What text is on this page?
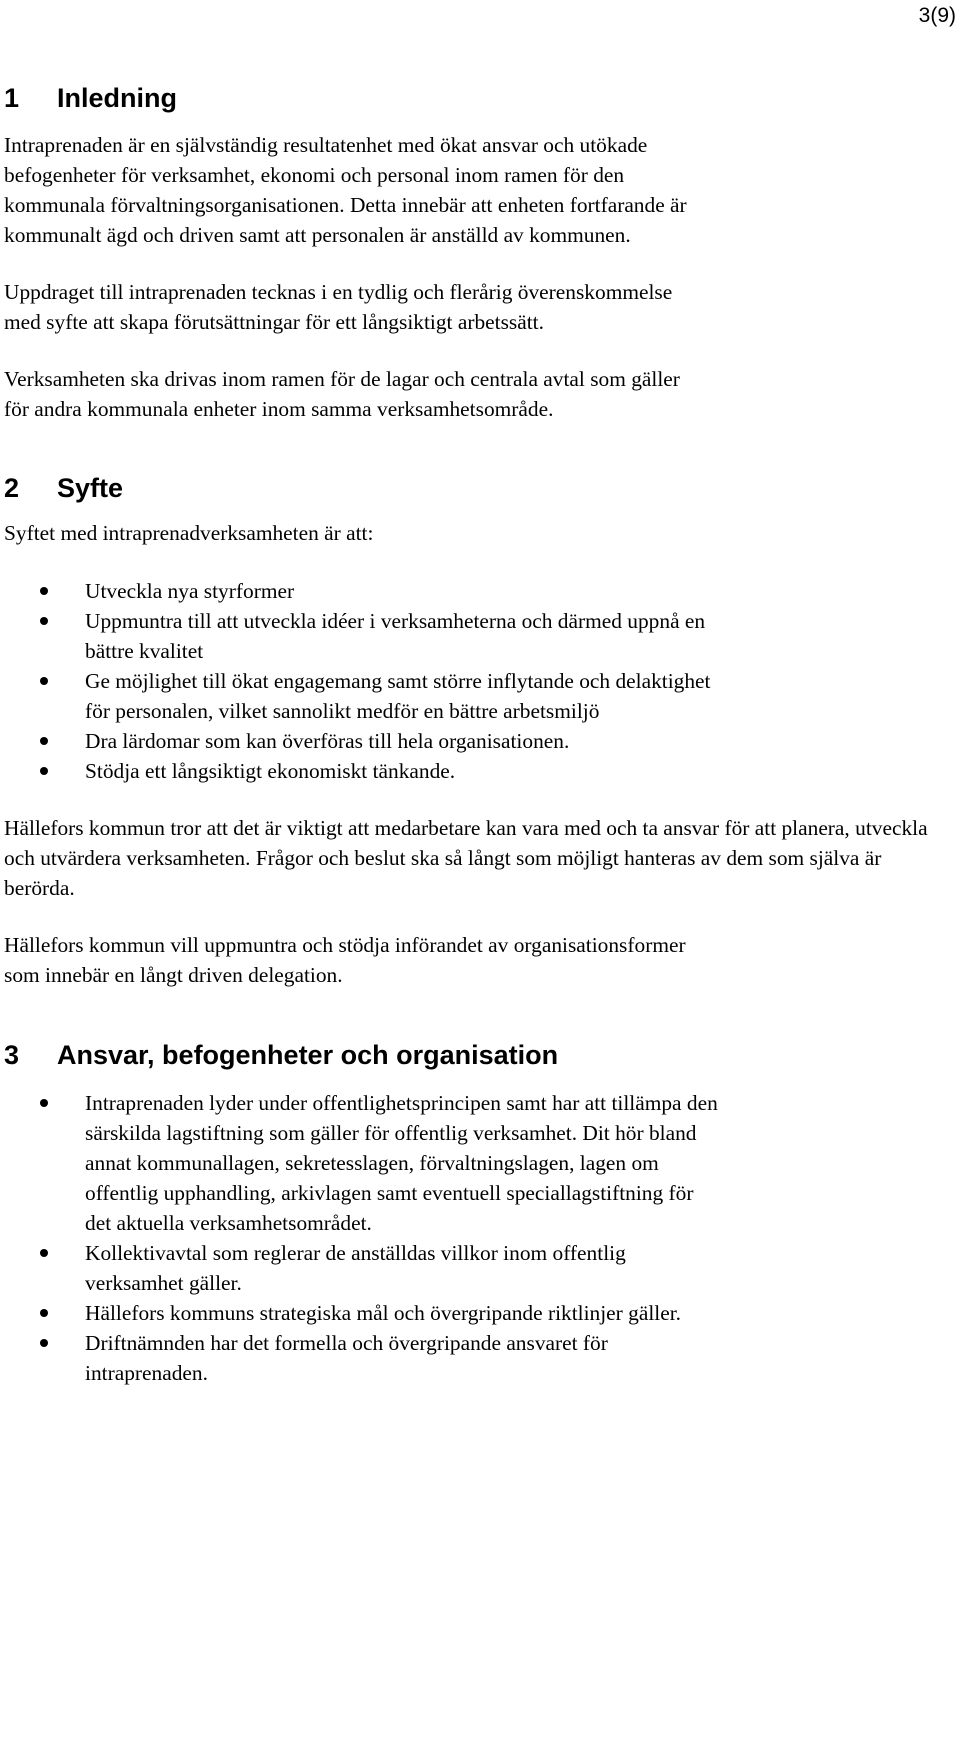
3(9)
1	Inledning

Intraprenaden är en självständig resultatenhet med ökat ansvar och utökade befogenheter för verksamhet, ekonomi och personal inom ramen för den kommunala förvaltningsorganisationen. Detta innebär att enheten fortfarande är kommunalt ägd och driven samt att personalen är anställd av kommunen.

Uppdraget till intraprenaden tecknas i en tydlig och flerårig överenskommelse med syfte att skapa förutsättningar för ett långsiktigt arbetssätt.

Verksamheten ska drivas inom ramen för de lagar och centrala avtal som gäller för andra kommunala enheter inom samma verksamhetsområde.

2	Syfte

Syftet med intraprenadverksamheten är att:

Utveckla nya styrformer
Uppmuntra till att utveckla idéer i verksamheterna och därmed uppnå en bättre kvalitet
Ge möjlighet till ökat engagemang samt större inflytande och delaktighet för personalen, vilket sannolikt medför en bättre arbetsmiljö
Dra lärdomar som kan överföras till hela organisationen.
Stödja ett långsiktigt ekonomiskt tänkande.

Hällefors kommun tror att det är viktigt att medarbetare kan vara med och ta ansvar för att planera, utveckla och utvärdera verksamheten. Frågor och beslut ska så långt som möjligt hanteras av dem som själva är berörda.

Hällefors kommun vill uppmuntra och stödja införandet av organisationsformer som innebär en långt driven delegation.

3	Ansvar, befogenheter och organisation
Intraprenaden lyder under offentlighetsprincipen samt har att tillämpa den särskilda lagstiftning som gäller för offentlig verksamhet. Dit hör bland annat kommunallagen, sekretesslagen, förvaltningslagen, lagen om offentlig upphandling, arkivlagen samt eventuell speciallagstiftning för det aktuella verksamhetsområdet.
Kollektivavtal som reglerar de anställdas villkor inom offentlig verksamhet gäller.
Hällefors kommuns strategiska mål och övergripande riktlinjer gäller.
Driftnämnden har det formella och övergripande ansvaret för intraprenaden.
